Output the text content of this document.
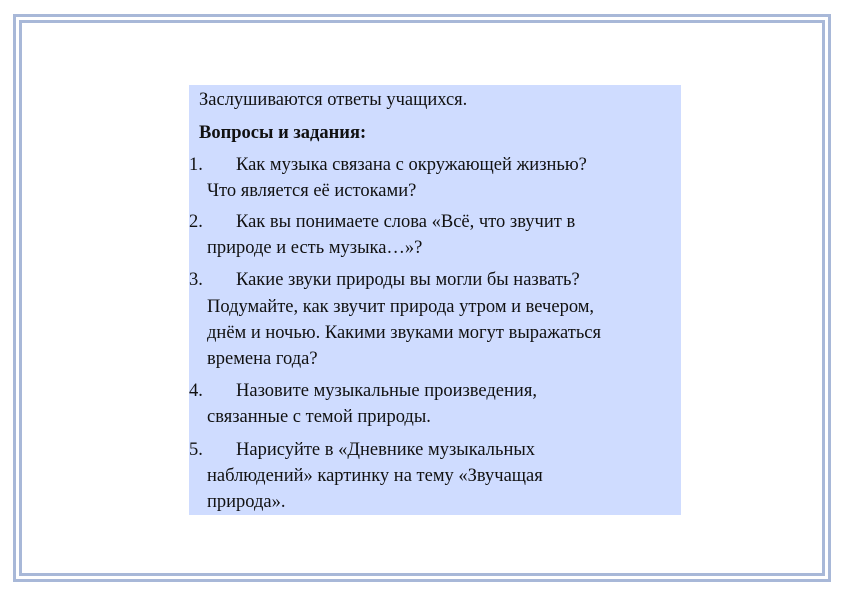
Заслушиваются ответы учащихся.
Вопросы и задания:
1. Как музыка связана с окружающей жизнью?
Что является её истоками?
2. Как вы понимаете слова «Всё, что звучит в
природе и есть музыка…»?
3. Какие звуки природы вы могли бы назвать?
Подумайте, как звучит природа утром и вечером,
днём и ночью. Какими звуками могут выражаться
времена года?
4. Назовите музыкальные произведения,
связанные с темой природы.
5. Нарисуйте в «Дневнике музыкальных
наблюдений» картинку на тему «Звучащая
природа».
